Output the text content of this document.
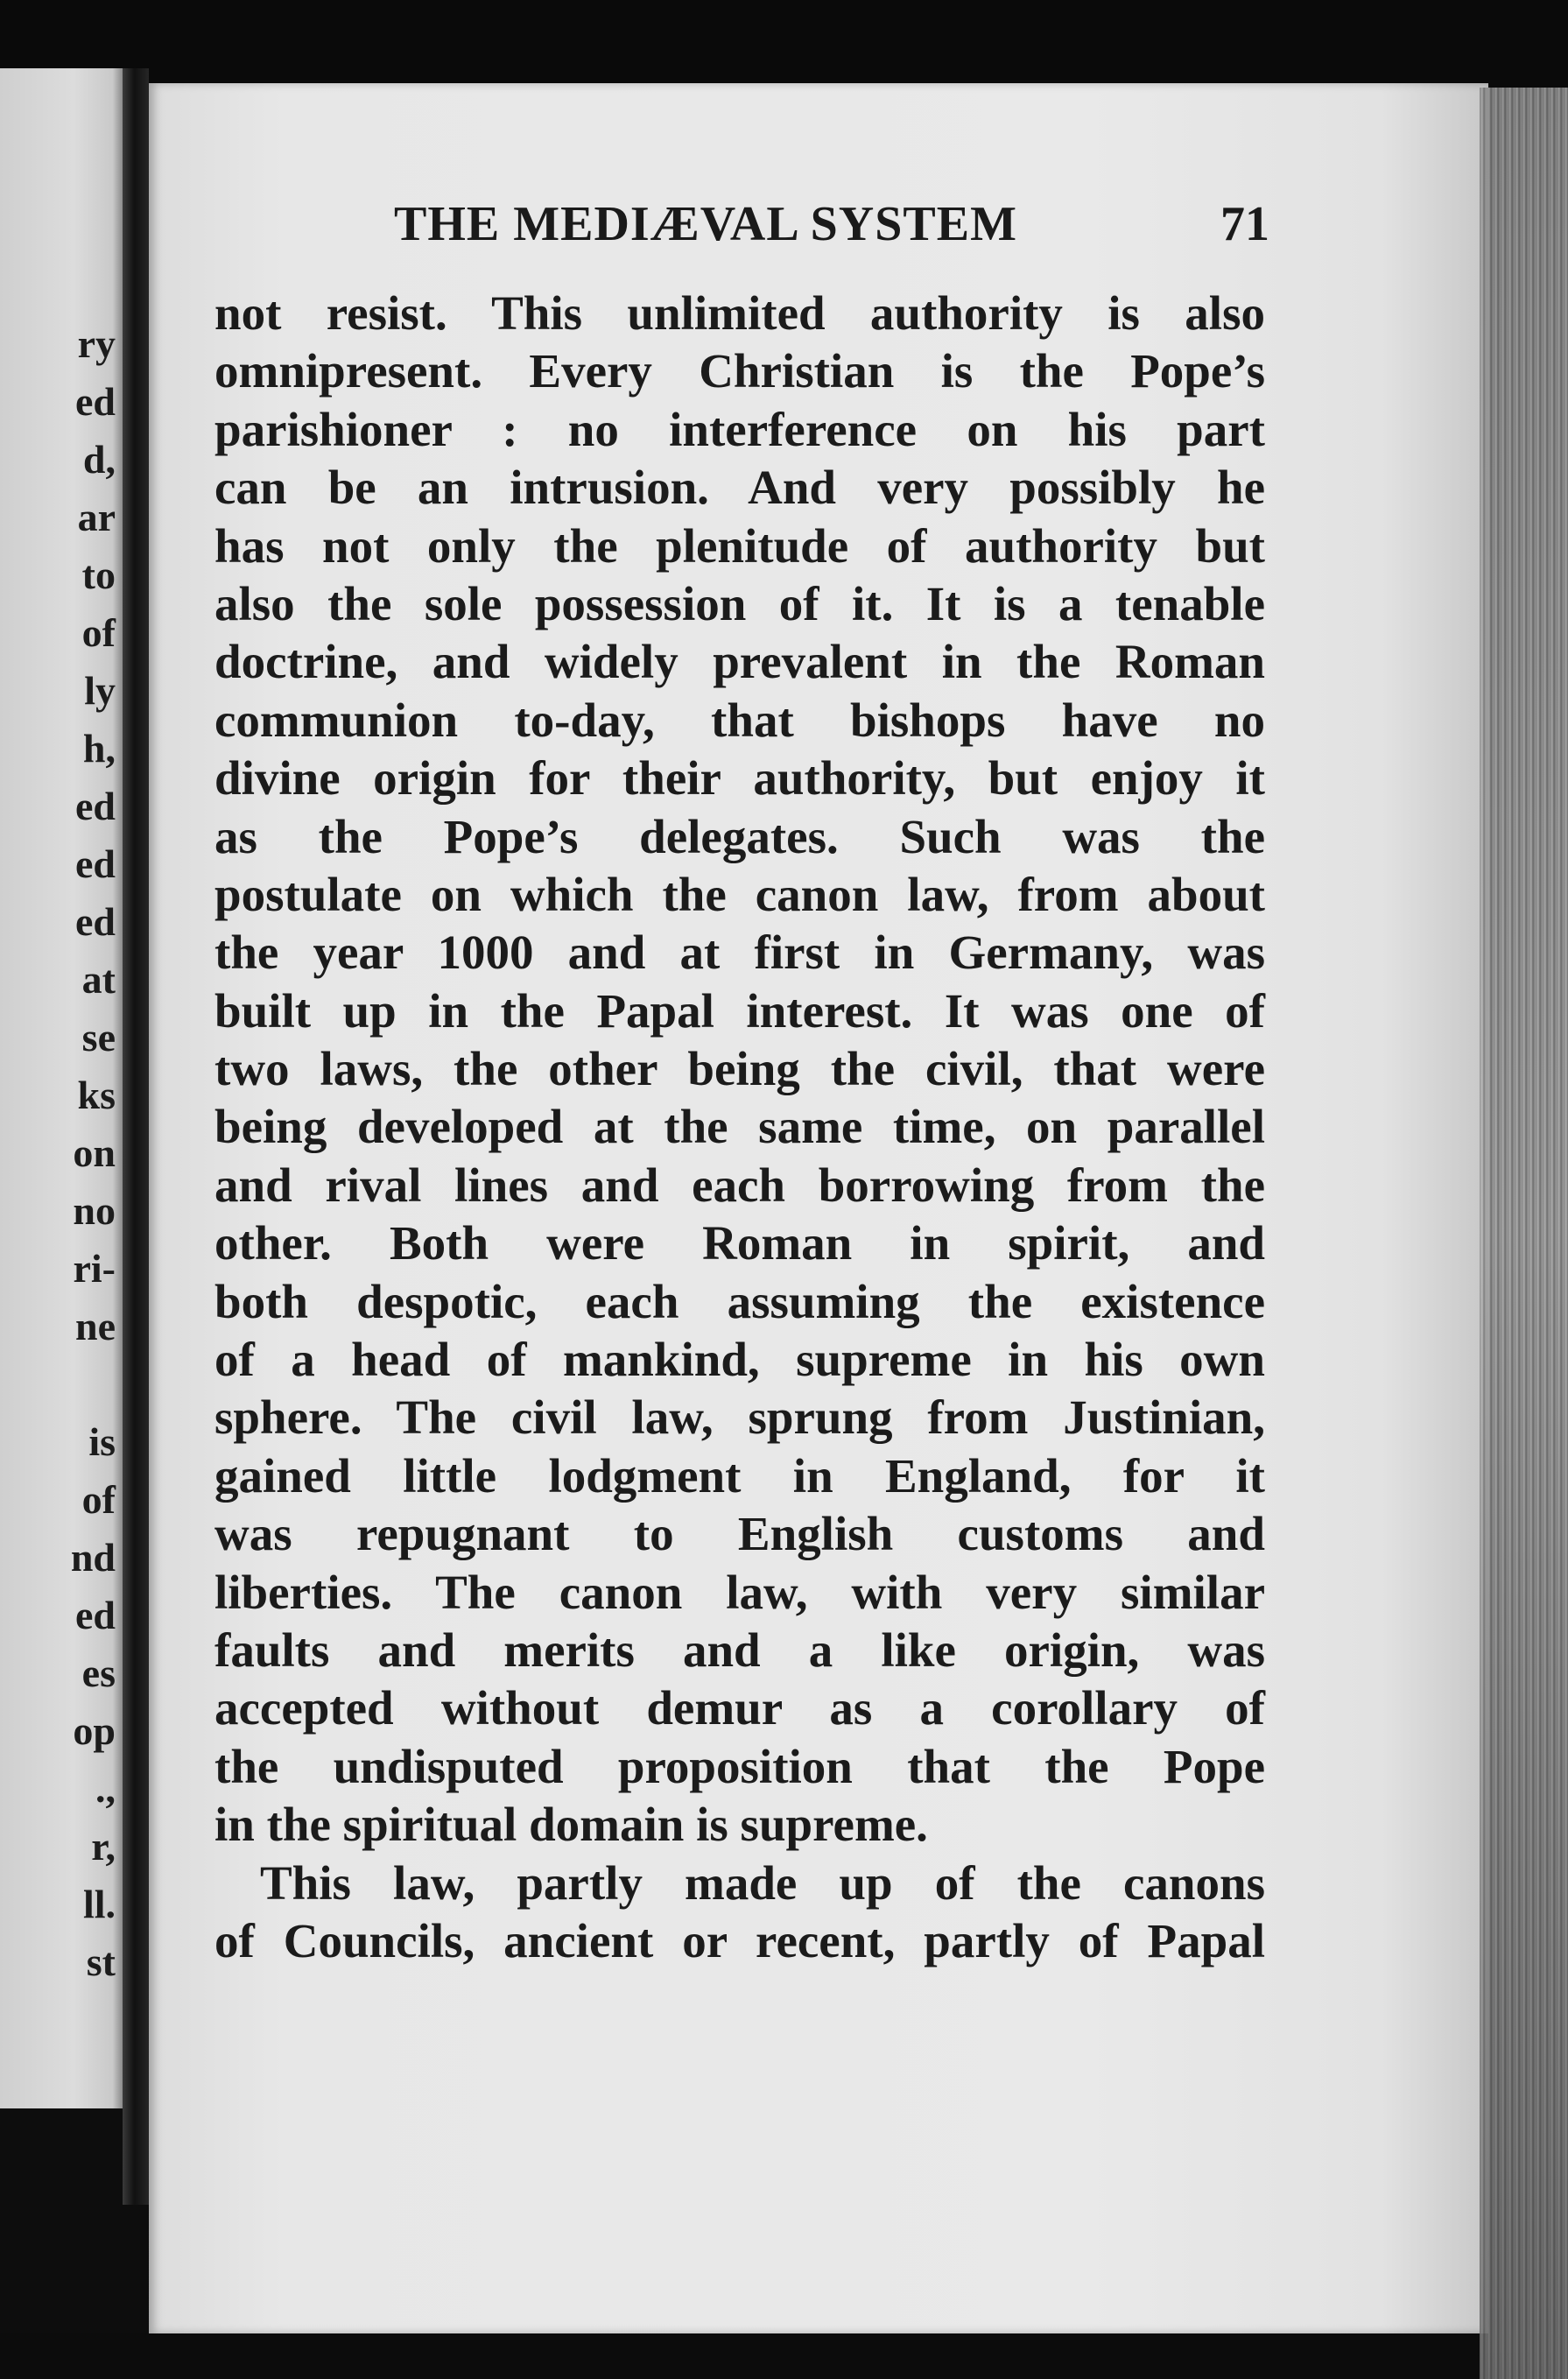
ry
ed
d,
ar
to
of
ly
h,
ed
ed
ed
at
se
ks
on
no
ri-
ne
is
of
nd
ed
es
op
.,
r,
ll.
st
THE MEDIÆVAL SYSTEM	71
not resist. This unlimited authority is also
omnipresent. Every Christian is the Pope’s
parishioner : no interference on his part
can be an intrusion. And very possibly he
has not only the plenitude of authority but
also the sole possession of it. It is a tenable
doctrine, and widely prevalent in the Roman
communion to-day, that bishops have no
divine origin for their authority, but enjoy it
as the Pope’s delegates. Such was the
postulate on which the canon law, from about
the year 1000 and at first in Germany, was
built up in the Papal interest. It was one of
two laws, the other being the civil, that were
being developed at the same time, on parallel
and rival lines and each borrowing from the
other. Both were Roman in spirit, and
both despotic, each assuming the existence
of a head of mankind, supreme in his own
sphere. The civil law, sprung from Justinian,
gained little lodgment in England, for it
was repugnant to English customs and
liberties. The canon law, with very similar
faults and merits and a like origin, was
accepted without demur as a corollary of
the undisputed proposition that the Pope
in the spiritual domain is supreme.
This law, partly made up of the canons
of Councils, ancient or recent, partly of Papal
